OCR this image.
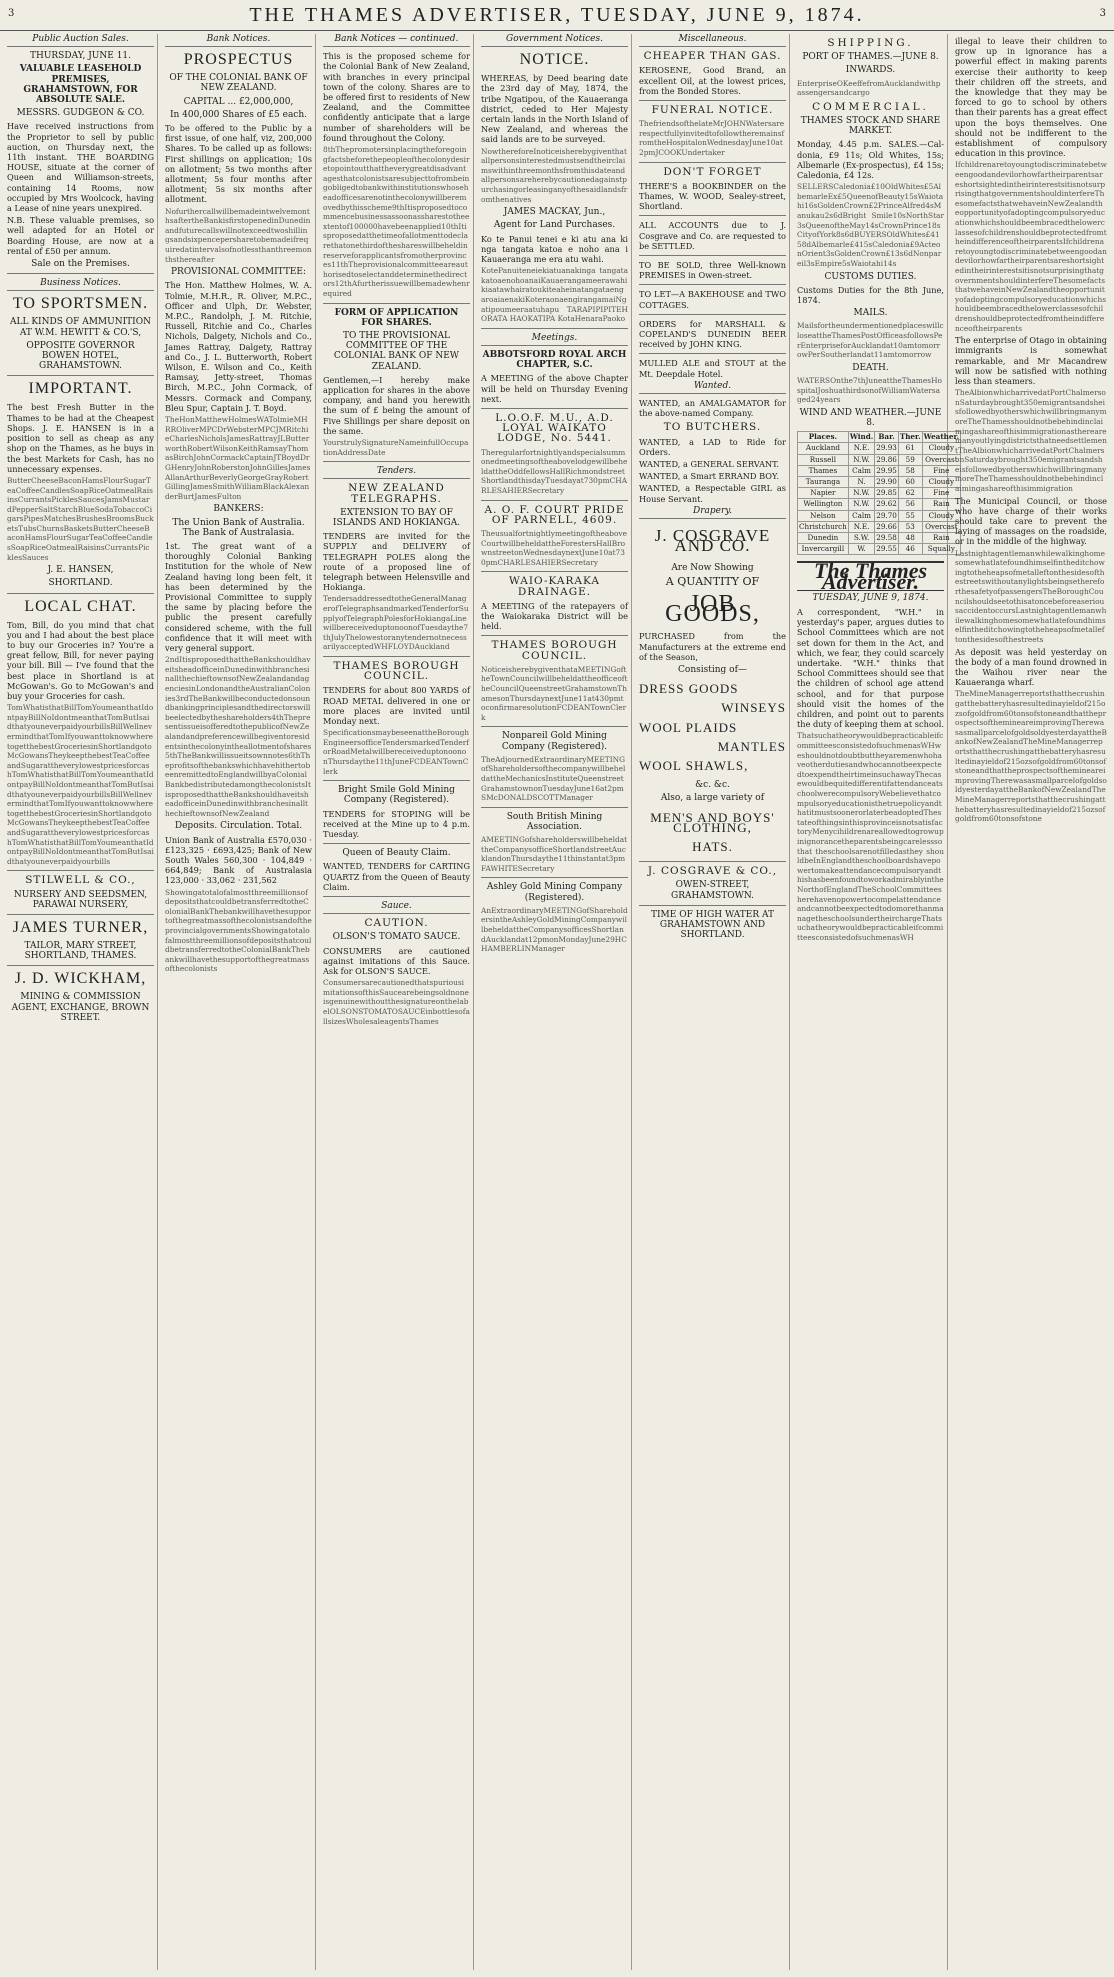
3	THE THAMES ADVERTISER, TUESDAY, JUNE 9, 1874.	3
Public Auction Sales.
THURSDAY, JUNE 11.
VALUABLE LEASEHOLD PREMISES, GRAHAMSTOWN, FOR ABSOLUTE SALE.
MESSRS. GUDGEON & CO.

Have received instructions from the Proprietor to sell by public auction, on Thursday next, the 11th instant. THE BOARDING HOUSE, situate at the corner of Queen and Williamson-streets, containing 14 Rooms, now occupied by Mrs Woolcock, having a Lease of nine years unexpired.

N.B. These valuable premises, so well adapted for an Hotel or Boarding House, are now at a rental of £50 per annum.

Sale on the Premises.
Business Notices.
TO SPORTSMEN.
ALL KINDS OF AMMUNITION AT W.M. HEWITT & CO.'S,
OPPOSITE GOVERNOR BOWEN HOTEL, GRAHAMSTOWN.
IMPORTANT.

The best Fresh Butter in the Thames to be had at the Cheapest Shops. J. E. HANSEN is in a position to sell as cheap as any shop on the Thames, as he buys in the best Markets for Cash, has no unnecessary expenses.

ButterCheeseBaconHamsFlourSugarTeaCoffeeCandlesSoapRiceOatmealRaisinsCurrantsPicklesSaucesJamsMustardPepperSaltStarchBlueSodaTobaccoCigarsPipesMatchesBrushesBroomsBucketsTubsChurnsBasketsButterCheeseBaconHamsFlourSugarTeaCoffeeCandlesSoapRiceOatmealRaisinsCurrantsPicklesSauces

J. E. HANSEN,
SHORTLAND.
LOCAL CHAT.

Tom, Bill, do you mind that chat you and I had about the best place to buy our Groceries in? You're a great fellow, Bill, for never paying your bill. Bill — I've found that the best place in Shortland is at McGowan's. Go to McGowan's and buy your Groceries for cash.

TomWhatisthatBillTomYoumeanthatIdontpayBillNoIdontmeanthatTomButIsaidthatyouneverpaidyourbillsBillWellnevermindthatTomIfyouwanttoknowwheretogetthebestGroceriesinShortlandgotoMcGowansTheykeepthebestTeaCoffeeandSugarattheverylowestpricesforcashTomWhatisthatBillTomYoumeanthatIdontpayBillNoIdontmeanthatTomButIsaidthatyouneverpaidyourbillsBillWellnevermindthatTomIfyouwanttoknowwheretogetthebestGroceriesinShortlandgotoMcGowansTheykeepthebestTeaCoffeeandSugarattheverylowestpricesforcashTomWhatisthatBillTomYoumeanthatIdontpayBillNoIdontmeanthatTomButIsaidthatyouneverpaidyourbills

STILWELL & CO.,
NURSERY AND SEEDSMEN, PARAWAI NURSERY,
JAMES TURNER,
TAILOR, MARY STREET, SHORTLAND, THAMES.
J. D. WICKHAM,
MINING & COMMISSION AGENT, EXCHANGE, BROWN STREET.
Bank Notices.
PROSPECTUS
OF THE COLONIAL BANK OF NEW ZEALAND.
CAPITAL ... £2,000,000,
In 400,000 Shares of £5 each.

To be offered to the Public by a first issue, of one half, viz, 200,000 Shares. To be called up as follows: First shillings on application; 10s on allotment; 5s two months after allotment; 5s four months after allotment; 5s six months after allotment.

NofurthercallwillbemadeintwelvemonthsaftertheBankisfirstopenedinDunedinandfuturecallswillnotexceedtwoshillingsandsixpencepersharetobemadeifrequiredatintervalsofnotlessthanthreemonthsthereafter

PROVISIONAL COMMITTEE:

The Hon. Matthew Holmes, W. A. Tolmie, M.H.R., R. Oliver, M.P.C., Officer and Ulph, Dr. Webster, M.P.C., Randolph, J. M. Ritchie, Russell, Ritchie and Co., Charles Nichols, Dalgety, Nichols and Co., James Rattray, Dalgety, Rattray and Co., J. L. Butterworth, Robert Wilson, E. Wilson and Co., Keith Ramsay, Jetty-street, Thomas Birch, M.P.C., John Cormack, of Messrs. Cormack and Company, Bleu Spur, Captain J. T. Boyd.

TheHonMatthewHolmesWATolmieMHRROliverMPCDrWebsterMPCJMRitchieCharlesNicholsJamesRattrayJLButterworthRobertWilsonKeithRamsayThomasBirchJohnCormackCaptainJTBoydDrGHenryJohnRoberstonJohnGillesJamesAllanArthurBeverlyGeorgeGrayRobertGillingJamesSmithWilliamBlackAlexanderBurtJamesFulton

BANKERS:
The Union Bank of Australia. The Bank of Australasia.

1st. The great want of a thoroughly Colonial Banking Institution for the whole of New Zealand having long been felt, it has been determined by the Provisional Committee to supply the same by placing before the public the present carefully considered scheme, with the full confidence that it will meet with very general support.

2ndItisproposedthattheBankshouldhaveitsheadofficeinDunedinwithbranchesinallthechieftownsofNewZealandandagenciesinLondonandtheAustralianColonies3rdTheBankwillbeconductedonsoundbankingprinciplesandthedirectorswillbeelectedbytheshareholders4thThepresentissueisofferedtothepublicofNewZealandandpreferencewillbegiventoresidentsinthecolonyintheallotmentofshares5thTheBankwillissueitsownnotes6thTheprofitsofthebankswhichhavehithertobeenremittedtoEnglandwillbyaColonialBankbedistributedamongthecolonistsItisproposedthattheBankshouldhaveitsheadofficeinDunedinwithbranchesinallthechieftownsofNewZealand

Deposits. Circulation. Total.

Union Bank of Australia £570,030 · £123,325 · £693,425; Bank of New South Wales 560,300 · 104,849 · 664,849; Bank of Australasia 123,000 · 33,062 · 231,562

ShowingatotalofalmostthreemillionsofdepositsthatcouldbetransferredtotheColonialBankThebankwillhavethesupportofthegreatmassofthecolonistsandoftheprovincialgovernmentsShowingatotalofalmostthreemillionsofdepositsthatcouldbetransferredtotheColonialBankThebankwillhavethesupportofthegreatmassofthecolonists

Bank Notices — continued.

This is the proposed scheme for the Colonial Bank of New Zealand, with branches in every principal town of the colony. Shares are to be offered first to residents of New Zealand, and the Committee confidently anticipate that a large number of shareholders will be found throughout the Colony.

8thThepromotersinplacingtheforegoingfactsbeforethepeopleofthecolonydesiretopointoutthattheverygreatdisadvantagesthatcolonistsaresubjecttofrombeingobligedtobankwithinstitutionswhoseheadofficesarenotinthecolonywillberemovedbythisscheme9thItisproposedtocommencebusinessassoonassharestotheextentof100000havebeenapplied10thItisproposedatthetimeofallotmenttodeclarethatonethirdoftheshareswillbeheldinreserveforapplicantsfromotherprovinces11thTheprovisionalcommitteeareauthorisedtoselectanddeterminethedirectors12thAfurtherissuewillbemadewhenrequired

FORM OF APPLICATION FOR SHARES.
TO THE PROVISIONAL COMMITTEE OF THE COLONIAL BANK OF NEW ZEALAND.

Gentlemen,—I hereby make application for shares in the above company, and hand you herewith the sum of £ being the amount of Five Shillings per share deposit on the same.

YourstrulySignatureNameinfullOccupationAddressDate

Tenders.
NEW ZEALAND TELEGRAPHS.
EXTENSION TO BAY OF ISLANDS AND HOKIANGA.

TENDERS are invited for the SUPPLY and DELIVERY of TELEGRAPH POLES along the route of a proposed line of telegraph between Helensville and Hokianga.

TendersaddressedtotheGeneralManagerofTelegraphsandmarkedTenderforSupplyofTelegraphPolesforHokiangaLinewillbereceiveduptonoonofTuesdaythe7thJulyThelowestoranytendernotnecessarilyacceptedWHFLOYDAuckland

THAMES BOROUGH COUNCIL.

TENDERS for about 800 YARDS of ROAD METAL delivered in one or more places are invited until Monday next.

SpecificationsmaybeseenattheBoroughEngineersofficeTendersmarkedTenderforRoadMetalwillbereceiveduptonoononThursdaythe11thJuneFCDEANTownClerk

Bright Smile Gold Mining Company (Registered).

TENDERS for STOPING will be received at the Mine up to 4 p.m. Tuesday.

Queen of Beauty Claim.

WANTED, TENDERS for CARTING QUARTZ from the Queen of Beauty Claim.

Sauce.
CAUTION.
OLSON'S TOMATO SAUCE.

CONSUMERS are cautioned against imitations of this Sauce. Ask for OLSON'S SAUCE.

ConsumersarecautionedthatspuriousimitationsofthisSaucearebeingsoldnoneisgenuinewithoutthesignatureonthelabelOLSONSTOMATOSAUCEinbottlesofallsizesWholesaleagentsThames

Government Notices.
NOTICE.

WHEREAS, by Deed bearing date the 23rd day of May, 1874, the tribe Ngatipou, of the Kauaeranga district, ceded to Her Majesty certain lands in the North Island of New Zealand, and whereas the said lands are to be surveyed.

NowthereforeInoticeisherebygiventhatallpersonsinterestedmustsendtheirclaimswithinthreemonthsfromthisdateandallpersonsareherebycautionedagainstpurchasingorleasinganyofthesaidlandsfromthenatives

JAMES MACKAY, Jun.,
Agent for Land Purchases.

Ko te Panui tenei e ki atu ana ki nga tangata katoa e noho ana i Kauaeranga me era atu wahi.

KotePanuiteneiekiatuanakinga tangatakatoaenohoanaiKauaerangameerawahikiaatawhairatoukiteaheinatangataengaroaiaenakiKoteraonaengirangamaiNgatipoumeeraatuhapu TARAPIPIPITEHORATA HAOKATIPA KotaHenaraPaoko

Meetings.
ABBOTSFORD ROYAL ARCH CHAPTER, S.C.

A MEETING of the above Chapter will be held on Thursday Evening next.

L.O.O.F. M.U., A.D. LOYAL WAIKATO LODGE, No. 5441.

TheregularfortnightlyandspecialsummonedmeetingsoftheabovelodgewillbeheldattheOddfellowsHallRichmondstreetShortlandthisdayTuesdayat730pmCHARLESAHIERSecretary

A. O. F. COURT PRIDE OF PARNELL, 4609.

TheusualfortnightlymeetingoftheaboveCourtwillbeheldattheForestersHallBrownstreetonWednesdaynextJune10at730pmCHARLESAHIERSecretary

WAIO-KARAKA DRAINAGE.

A MEETING of the ratepayers of the Waiokaraka District will be held.

THAMES BOROUGH COUNCIL.

NoticeisherebygiventhataMEETINGoftheTownCouncilwillbeheldattheofficeoftheCouncilQueenstreetGrahamstownThamesonThursdaynextJune11at430pmtoconfirmaresolutionFCDEANTownClerk

Nonpareil Gold Mining Company (Registered).

TheAdjournedExtraordinaryMEETINGofShareholdersofthecompanywillbeheldattheMechanicsInstituteQueenstreetGrahamstownonTuesdayJune16at2pmSMcDONALDSCOTTManager

South British Mining Association.

AMEETINGofshareholderswillbeheldattheCompanysofficeShortlandstreetAucklandonThursdaythe11thinstantat3pmFAWHITESecretary

Ashley Gold Mining Company (Registered).

AnExtraordinaryMEETINGofShareholdersintheAshleyGoldMiningCompanywillbeheldattheCompanysofficesShortlandAucklandat12pmonMondayJune29HCHAMBERLINManager

Miscellaneous.
CHEAPER THAN GAS.

KEROSENE, Good Brand, an excellent Oil, at the lowest prices, from the Bonded Stores.

FUNERAL NOTICE.

ThefriendsofthelateMrJOHNWatersarerespectfullyinvitedtofollowtheremainsfromtheHospitalonWednesdayJune10at2pmJCOOKUndertaker

DON'T FORGET

THERE'S a BOOKBINDER on the Thames, W. WOOD, Sealey-street, Shortland.

ALL ACCOUNTS due to J. Cosgrave and Co. are requested to be SETTLED.

TO BE SOLD, three Well-known PREMISES in Owen-street.

TO LET—A BAKEHOUSE and TWO COTTAGES.

ORDERS for MARSHALL & COPELAND'S DUNEDIN BEER received by JOHN KING.

MULLED ALE and STOUT at the Mt. Deepdale Hotel.

Wanted.

WANTED, an AMALGAMATOR for the above-named Company.

TO BUTCHERS.

WANTED, a LAD to Ride for Orders.

WANTED, a GENERAL SERVANT.

WANTED, a Smart ERRAND BOY.

WANTED, a Respectable GIRL as House Servant.

Drapery.
J. COSGRAVE AND CO.
Are Now Showing
A QUANTITY OF
JOB GOODS,

PURCHASED from the Manufacturers at the extreme end of the Season,

Consisting of—
DRESS GOODS
WINSEYS
WOOL PLAIDS
MANTLES
WOOL SHAWLS,
&c. &c.
Also, a large variety of
MEN'S AND BOYS' CLOTHING,
HATS.
J. COSGRAVE & CO.,
OWEN-STREET, GRAHAMSTOWN.
TIME OF HIGH WATER AT GRAHAMSTOWN AND SHORTLAND.
SHIPPING.
PORT OF THAMES.—JUNE 8.
INWARDS.

EnterpriseOKeeffefromAucklandwithpassengersandcargo

COMMERCIAL.
THAMES STOCK AND SHARE MARKET.

Monday, 4.45 p.m. SALES.—Cal-donia, £9 11s; Old Whites, 15s; Albemarle (Ex-prospectus), £4 15s; Caledonia, £4 12s.

SELLERSCaledonia£10OldWhites£5AlbemarleEx£5QueenofBeauty15sWaiotahi16sGoldenCrown£2PrinceAlfred4sManukau2s6dBright Smile10sNorthStar3sQueenoftheMay14sCrownPrince18sCityofYork8s6dBUYERSOldWhites£4158dAlbemarle£415sCaledonia£9ActeonOrient3sGoldenCrown£13s6dNonpareil3sEmpire5sWaiotahi14s

CUSTOMS DUTIES.

Customs Duties for the 8th June, 1874.

MAILS.

MailsfortheundermentionedplaceswillcloseattheThamesPostOfficeasfollowsPerEnterpriseforAucklandat10amtomorrowPerSoutherlandat11amtomorrow

DEATH.

WATERSOnthe7thJuneattheThamesHospitalJoshuathirdsonofWilliamWatersaged24years

WIND AND WEATHER.—JUNE 8.
Places.	Wind.	Bar.	Ther.	Weather.
Auckland	N.E.	29.93	61	Cloudy
Russell	N.W.	29.86	59	Overcast
Thames	Calm	29.95	58	Fine
Tauranga	N.	29.90	60	Cloudy
Napier	N.W.	29.85	62	Fine
Wellington	N.W.	29.62	56	Rain
Nelson	Calm	29.70	55	Cloudy
Christchurch	N.E.	29.66	53	Overcast
Dunedin	S.W.	29.58	48	Rain
Invercargill	W.	29.55	46	Squally
The Thames Advertiser.
TUESDAY, JUNE 9, 1874.

A correspondent, "W.H." in yesterday's paper, argues duties to School Committees which are not set down for them in the Act, and which, we fear, they could scarcely undertake. "W.H." thinks that School Committees should see that the children of school age attend school, and for that purpose should visit the homes of the children, and point out to parents the duty of keeping them at school.

ThatsuchatheorywouldbepracticableifcommitteesconsistedofsuchmenasWHweshouldnotdoubtbuttheyaremenwhohaveotherdutiesandwhocannotbeexpectedtoexpendtheirtimeinsuchawayThecasewouldbequitedifferentifattendanceatschoolwerecompulsoryWebelievethatcompulsoryeducationisthetruepolicyandthatitmustsoonerorlaterbeadoptedThestateofthingsinthisprovinceisnotsatisfactoryMenycihildrenareallowedtogrowupinignorancetheparentsbeingcarelesssothat theschoolsarenotfilledasthey shouldbeInEnglandtheschoolboardshavepowertomakeattendancecompulsoryandthishasbeenfoundtoworkadmirablyintheNorthofEnglandTheSchoolCommitteesherehavenopowertocompelattendanceandcannotbeexpectedtodomorethanmanagetheschoolsundertheirchargeThatsuchatheorywouldbepracticableifcommitteesconsistedofsuchmenasWH

illegal to leave their children to grow up in ignorance has a powerful effect in making parents exercise their authority to keep their children off the streets, and the knowledge that they may be forced to go to school by others than their parents has a great effect upon the boys themselves. One should not be indifferent to the establishment of compulsory education in this province.

IfchildrenaretoyoungtodiscriminatebetweengoodandevilorhowfartheirparentsareshortsightedintheirinterestsitisnotsurprisingthatgovernmentshouldinterfereThesomefactsthatwehaveinNewZealandtheopportunityofadoptingcompulsoryeducationwhichshouldbeembracedthelowerclassesofchildrenshouldbeprotectedfromtheindifferenceoftheirparentsIfchildrenaretoyoungtodiscriminatebetweengoodandevilorhowfartheirparentsareshortsightedintheirinterestsitisnotsurprisingthatgovernmentshouldinterfereThesomefactsthatwehaveinNewZealandtheopportunityofadoptingcompulsoryeducationwhichshouldbeembracedthelowerclassesofchildrenshouldbeprotectedfromtheindifferenceoftheirparents

The enterprise of Otago in obtaining immigrants is somewhat remarkable, and Mr Macandrew will now be satisfied with nothing less than steamers.

TheAlbionwhicharrivedatPortChalmersonSaturdaybrought350emigrantsandsheisfollowedbyotherswhichwillbringmanymoreTheThamesshouldnotbebehindinclaimingashareofthisimmigrationastherearemanyoutlyingdistrictsthatneedsettlementTheAlbionwhicharrivedatPortChalmersonSaturdaybrought350emigrantsandsheisfollowedbyotherswhichwillbringmanymoreTheThamesshouldnotbebehindinclaimingashareofthisimmigration

The Municipal Council, or those who have charge of their works should take care to prevent the laying of massages on the roadside, or in the middle of the highway.

LastnightagentlemanwhilewalkinghomesomewhatlatefoundhimselfintheditchowingtotheheapsofmetalleftonthesidesofthestreetswithoutanylightsbeingsethereforthesafetyofpassengersTheBoroughCouncilshouldseetothisatoncebeforeaseriousaccidentoccursLastnightagentlemanwhilewalkinghomesomewhatlatefoundhimselfintheditchowingtotheheapsofmetalleftonthesidesofthestreets

As deposit was held yesterday on the body of a man found drowned in the Waihou river near the Kauaeranga wharf.

TheMineManagerreportsthatthecrushingatthebatteryhasresultedinayieldof215ozsofgoldfrom60tonsofstoneandthattheprospectsofthemineareimprovingTherewasasmallparcelofgoldsoldyesterdayattheBankofNewZealandTheMineManagerreportsthatthecrushingatthebatteryhasresultedinayieldof215ozsofgoldfrom60tonsofstoneandthattheprospectsofthemineareimprovingTherewasasmallparcelofgoldsoldyesterdayattheBankofNewZealandTheMineManagerreportsthatthecrushingatthebatteryhasresultedinayieldof215ozsofgoldfrom60tonsofstone
